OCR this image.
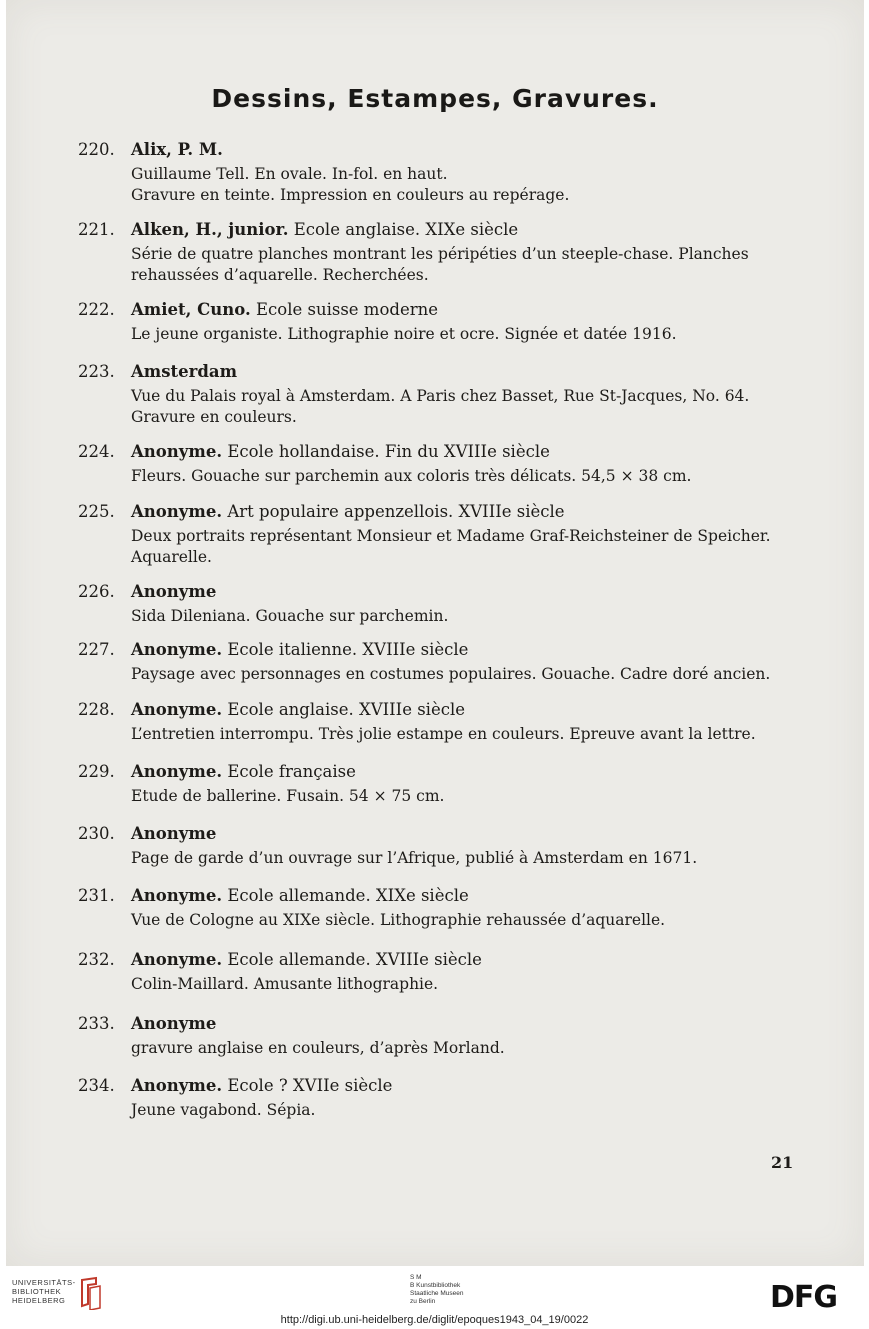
Dessins, Estampes, Gravures.
220. Alix, P. M.
Guillaume Tell. En ovale. In-fol. en haut.
Gravure en teinte. Impression en couleurs au repérage.
221. Alken, H., junior. Ecole anglaise. XIXe siècle
Série de quatre planches montrant les péripéties d’un steeple-chase. Planches rehaussées d’aquarelle. Recherchées.
222. Amiet, Cuno. Ecole suisse moderne
Le jeune organiste. Lithographie noire et ocre. Signée et datée 1916.
223. Amsterdam
Vue du Palais royal à Amsterdam. A Paris chez Basset, Rue St-Jacques, No. 64. Gravure en couleurs.
224. Anonyme. Ecole hollandaise. Fin du XVIIIe siècle
Fleurs. Gouache sur parchemin aux coloris très délicats. 54,5 × 38 cm.
225. Anonyme. Art populaire appenzellois. XVIIIe siècle
Deux portraits représentant Monsieur et Madame Graf-Reichsteiner de Speicher. Aquarelle.
226. Anonyme
Sida Dileniana. Gouache sur parchemin.
227. Anonyme. Ecole italienne. XVIIIe siècle
Paysage avec personnages en costumes populaires. Gouache. Cadre doré ancien.
228. Anonyme. Ecole anglaise. XVIIIe siècle
L’entretien interrompu. Très jolie estampe en couleurs. Epreuve avant la lettre.
229. Anonyme. Ecole française
Etude de ballerine. Fusain. 54 × 75 cm.
230. Anonyme
Page de garde d’un ouvrage sur l’Afrique, publié à Amsterdam en 1671.
231. Anonyme. Ecole allemande. XIXe siècle
Vue de Cologne au XIXe siècle. Lithographie rehaussée d’aquarelle.
232. Anonyme. Ecole allemande. XVIIIe siècle
Colin-Maillard. Amusante lithographie.
233. Anonyme
gravure anglaise en couleurs, d’après Morland.
234. Anonyme. Ecole ? XVIIe siècle
Jeune vagabond. Sépia.
21
UNIVERSITÄTS-
BIBLIOTHEK
HEIDELBERG
S M
B Kunstbibliothek
Staatliche Museen
zu Berlin	DFG
http://digi.ub.uni-heidelberg.de/diglit/epoques1943_04_19/0022
